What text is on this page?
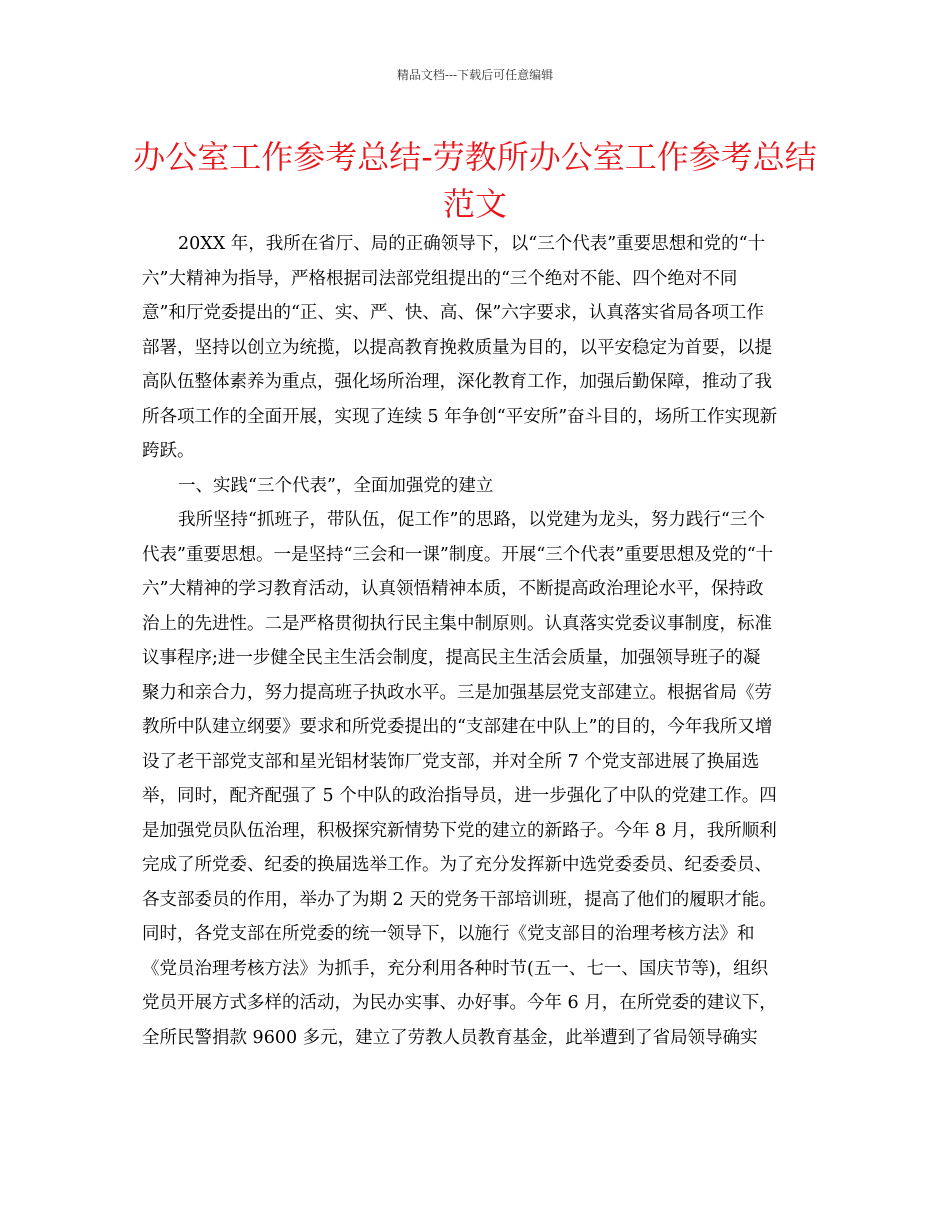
精品文档---下载后可任意编辑
办公室工作参考总结-劳教所办公室工作参考总结
范文
20XX 年，我所在省厅、局的正确领导下，以“三个代表”重要思想和党的“十
六”大精神为指导，严格根据司法部党组提出的“三个绝对不能、四个绝对不同
意”和厅党委提出的“正、实、严、快、高、保”六字要求，认真落实省局各项工作
部署，坚持以创立为统揽，以提高教育挽救质量为目的，以平安稳定为首要，以提
高队伍整体素养为重点，强化场所治理，深化教育工作，加强后勤保障，推动了我
所各项工作的全面开展，实现了连续 5 年争创“平安所”奋斗目的，场所工作实现新
跨跃。
一、实践“三个代表”，全面加强党的建立
我所坚持“抓班子，带队伍，促工作”的思路，以党建为龙头，努力践行“三个
代表”重要思想。一是坚持“三会和一课”制度。开展“三个代表”重要思想及党的“十
六”大精神的学习教育活动，认真领悟精神本质，不断提高政治理论水平，保持政
治上的先进性。二是严格贯彻执行民主集中制原则。认真落实党委议事制度，标准
议事程序;进一步健全民主生活会制度，提高民主生活会质量，加强领导班子的凝
聚力和亲合力，努力提高班子执政水平。三是加强基层党支部建立。根据省局《劳
教所中队建立纲要》要求和所党委提出的“支部建在中队上”的目的，今年我所又增
设了老干部党支部和星光铝材装饰厂党支部，并对全所 7 个党支部进展了换届选
举，同时，配齐配强了 5 个中队的政治指导员，进一步强化了中队的党建工作。四
是加强党员队伍治理，积极探究新情势下党的建立的新路子。今年 8 月，我所顺利
完成了所党委、纪委的换届选举工作。为了充分发挥新中选党委委员、纪委委员、
各支部委员的作用，举办了为期 2 天的党务干部培训班，提高了他们的履职才能。
同时，各党支部在所党委的统一领导下，以施行《党支部目的治理考核方法》和
《党员治理考核方法》为抓手，充分利用各种时节(五一、七一、国庆节等)，组织
党员开展方式多样的活动，为民办实事、办好事。今年 6 月，在所党委的建议下，
全所民警捐款 9600 多元，建立了劳教人员教育基金，此举遭到了省局领导确实
